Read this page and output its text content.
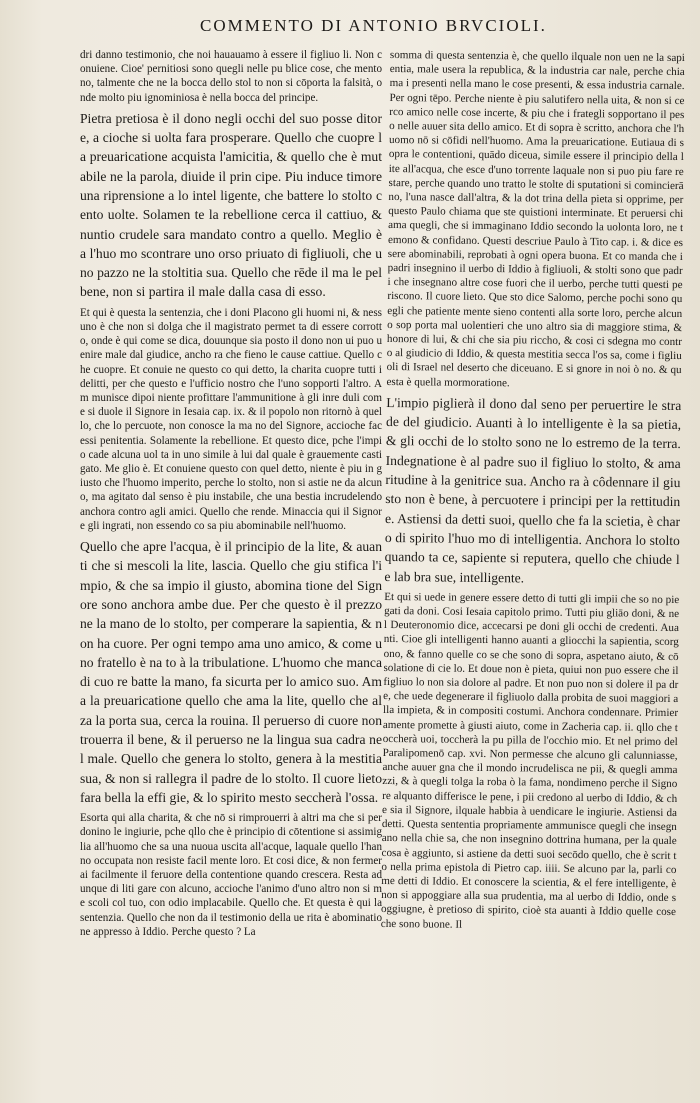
COMMENTO DI ANTONIO BRVCIOLI.

dri danno testimonio, che noi hauauamo à essere il figliuo li. Non conuiene. Cioe' pernitiosi sono quegli nelle pu blice cose, che mentono, talmente che ne la bocca dello stol to non si cōporta la falsità, onde molto piu ignominiosa è nella bocca del principe.

Pietra pretiosa è il dono negli occhi del suo posse ditore, a cioche si uolta fara prosperare. Quello che cuopre la preuaricatione acquista l'amicitia, & quello che è mutabile ne la parola, diuide il prin cipe. Piu induce timore una riprensione a lo intel ligente, che battere lo stolto cento uolte. Solamen te la rebellione cerca il cattiuo, & nuntio crudele sara mandato contro a quello. Meglio è a l'huo mo scontrare uno orso priuato di figliuoli, che u no pazzo ne la stoltitia sua. Quello che rēde il ma le pel bene, non si partira il male dalla casa di esso.

Et qui è questa la sentenzia, che i doni Placono gli huomi ni, & nessuno è che non si dolga che il magistrato permet ta di essere corrotto, onde è qui come se dica, douunque sia posto il dono non ui puo uenire male dal giudice, ancho ra che fieno le cause cattiue. Quello che cuopre. Et conuie ne questo co qui detto, la charita cuopre tutti i delitti, per che questo e l'ufficio nostro che l'uno sopporti l'altro. Am munisce dipoi niente profittare l'ammunitione à gli inre duli come si duole il Signore in Iesaia cap. ix. & il popolo non ritornò à quello, che lo percuote, non conosce la ma no del Signore, accioche facessi penitentia. Solamente la rebellione. Et questo dice, pche l'impio cade alcuna uol ta in uno simile à lui dal quale è grauemente castigato. Me glio è. Et conuiene questo con quel detto, niente è piu in giusto che l'huomo imperito, perche lo stolto, non si astie ne da alcuno, ma agitato dal senso è piu instabile, che una bestia incrudelendo anchora contro agli amici. Quello che rende. Minaccia qui il Signore gli ingrati, non essendo co sa piu abominabile nell'huomo.

Quello che apre l'acqua, è il principio de la lite, & auanti che si mescoli la lite, lascia. Quello che giu stifica l'impio, & che sa impio il giusto, abomina tione del Signore sono anchora ambe due. Per che questo è il prezzo ne la mano de lo stolto, per comperare la sapientia, & non ha cuore. Per ogni tempo ama uno amico, & come uno fratello è na to à la tribulatione. L'huomo che manca di cuo re batte la mano, fa sicurta per lo amico suo. Ama la preuaricatione quello che ama la lite, quello che alza la porta sua, cerca la rouina. Il peruerso di cuore non trouerra il bene, & il peruerso ne la lingua sua cadra nel male. Quello che genera lo stolto, genera à la mestitia sua, & non si rallegra il padre de lo stolto. Il cuore lieto fara bella la effi gie, & lo spirito mesto seccherà l'ossa.

Esorta qui alla charita, & che nō si rimprouerri à altri ma che si perdonino le ingiurie, pche qllo che è principio di cōtentione si assimiglia all'huomo che sa una nuoua uscita all'acque, laquale quello l'hanno occupata non resiste facil mente loro. Et cosi dice, & non fermerai facilmente il feruore della contentione quando crescera. Resta adunque di liti gare con alcuno, accioche l'animo d'uno altro non si me scoli col tuo, con odio implacabile. Quello che. Et questa è qui la sentenzia. Quello che non da il testimonio della ue rita è abominatione appresso à Iddio. Perche questo ? La

somma di questa sentenzia è, che quello ilquale non uen ne la sapientia, male usera la republica, & la industria car nale, perche chiama i presenti nella mano le cose presenti, & essa industria carnale. Per ogni tēpo. Perche niente è piu salutifero nella uita, & non si cerco amico nelle cose incerte, & piu che i frategli sopportano il peso nelle auuer sita dello amico. Et di sopra è scritto, anchora che l'huomo nō si cōfidi nell'huomo. Ama la preuaricatione. Eutiaua di sopra le contentioni, quādo diceua, simile essere il principio della lite all'acqua, che esce d'uno torrente laquale non si puo piu fare restare, perche quando uno tratto le stolte di sputationi si comincierāno, l'una nasce dall'altra, & la dot trina della pieta si opprime, per questo Paulo chiama que ste quistioni interminate. Et peruersi chiama quegli, che si immaginano Iddio secondo la uolonta loro, ne temono & confidano. Questi descriue Paulo à Tito cap. i. & dice essere abominabili, reprobati à ogni opera buona. Et co manda che i padri insegnino il uerbo di Iddio à figliuoli, & stolti sono que padri che insegnano altre cose fuori che il uerbo, perche tutti questi periscono. Il cuore lieto. Que sto dice Salomo, perche pochi sono quegli che patiente mente sieno contenti alla sorte loro, perche alcuno sop porta mal uolentieri che uno altro sia di maggiore stima, & honore di lui, & chi che sia piu riccho, & cosi ci sdegna mo contro al giudicio di Iddio, & questa mestitia secca l'os sa, come i figliuoli di Israel nel deserto che diceuano. E si gnore in noi ò no. & questa è quella mormoratione.

L'impio piglierà il dono dal seno per peruertire le strade del giudicio. Auanti à lo intelligente è la sa pietia, & gli occhi de lo stolto sono ne lo estremo de la terra. Indegnatione è al padre suo il figliuo lo stolto, & amaritudine à la genitrice sua. Ancho ra à côdennare il giusto non è bene, à percuotere i principi per la rettitudine. Astiensi da detti suoi, quello che fa la scietia, è charo di spirito l'huo mo di intelligentia. Anchora lo stolto quando ta ce, sapiente si reputera, quello che chiude le lab bra sue, intelligente.

Et qui si uede in genere essere detto di tutti gli impii che so no piegati da doni. Cosi Iesaia capitolo primo. Tutti piu gliāo doni, & nel Deuteronomio dice, accecarsi pe doni gli occhi de credenti. Auanti. Cioe gli intelligenti hanno auanti a gliocchi la sapientia, scorgono, & fanno quelle co se che sono di sopra, aspetano aiuto, & cōsolatione di cie lo. Et doue non è pieta, quiui non puo essere che il figliuo lo non sia dolore al padre. Et non puo non si dolere il pa dre, che uede degenerare il figliuolo dalla probita de suoi maggiori alla impieta, & in compositi costumi. Anchora condennare. Primieramente promette à giusti aiuto, come in Zacheria cap. ii. qllo che toccherà uoi, toccherà la pu pilla de l'occhio mio. Et nel primo del Paralipomenō cap. xvi. Non permesse che alcuno gli calunniasse, anche auuer gna che il mondo incrudelisca ne pii, & quegli ammazzi, & à quegli tolga la roba ò la fama, nondimeno perche il Signore alquanto differisce le pene, i pii credono al uerbo di Iddio, & che sia il Signore, ilquale habbia à uendicare le ingiurie. Astiensi da detti. Questa sententia propriamente ammunisce quegli che insegnano nella chie sa, che non insegnino dottrina humana, per la quale cosa è aggiunto, si astiene da detti suoi secōdo quello, che è scrit to nella prima epistola di Pietro cap. iiii. Se alcuno par la, parli come detti di Iddio. Et conoscere la scientia, & el fere intelligente, è non si appoggiare alla sua prudentia, ma al uerbo di Iddio, onde soggiugne, è pretioso di spirito, cioè sta auanti à Iddio quelle cose che sono buone. Il
